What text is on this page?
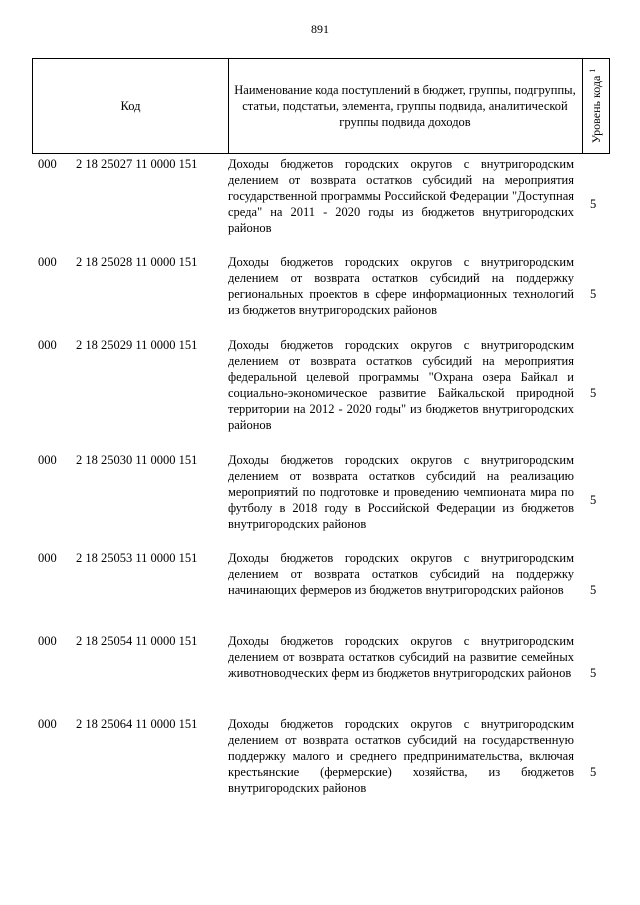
891
Код
Наименование кода поступлений в бюджет, группы, подгруппы, статьи, подстатьи, элемента, группы подвида, аналитической группы подвида доходов	Уровень кода $^1$
000 2 18 25027 11 0000 151 Доходы бюджетов городских округов с внутригородским делением от возврата остатков субсидий на мероприятия государственной программы Российской Федерации "Доступная среда" на 2011 - 2020 годы из бюджетов внутригородских районов
5
000 2 18 25028 11 0000 151 Доходы бюджетов городских округов с внутригородским делением от возврата остатков субсидий на поддержку региональных проектов в сфере информационных технологий из бюджетов внутригородских районов
5
000 2 18 25029 11 0000 151 Доходы бюджетов городских округов с внутригородским делением от возврата остатков субсидий на мероприятия федеральной целевой программы "Охрана озера Байкал и социально-экономическое развитие Байкальской природной территории на 2012 - 2020 годы" из бюджетов внутригородских районов
5
000 2 18 25030 11 0000 151 Доходы бюджетов городских округов с внутригородским делением от возврата остатков субсидий на реализацию мероприятий по подготовке и проведению чемпионата мира по футболу в 2018 году в Российской Федерации из бюджетов внутригородских районов
5
000 2 18 25053 11 0000 151 Доходы бюджетов городских округов с внутригородским делением от возврата остатков субсидий на поддержку начинающих фермеров из бюджетов внутригородских районов	5
000 2 18 25054 11 0000 151 Доходы бюджетов городских округов с внутригородским делением от возврата остатков субсидий на развитие семейных животноводческих ферм из бюджетов внутригородских районов 5
000 2 18 25064 11 0000 151 Доходы бюджетов городских округов с внутригородским делением от возврата остатков субсидий на государственную поддержку малого и среднего предпринимательства, включая крестьянские (фермерские) хозяйства, из бюджетов внутригородских районов
5
